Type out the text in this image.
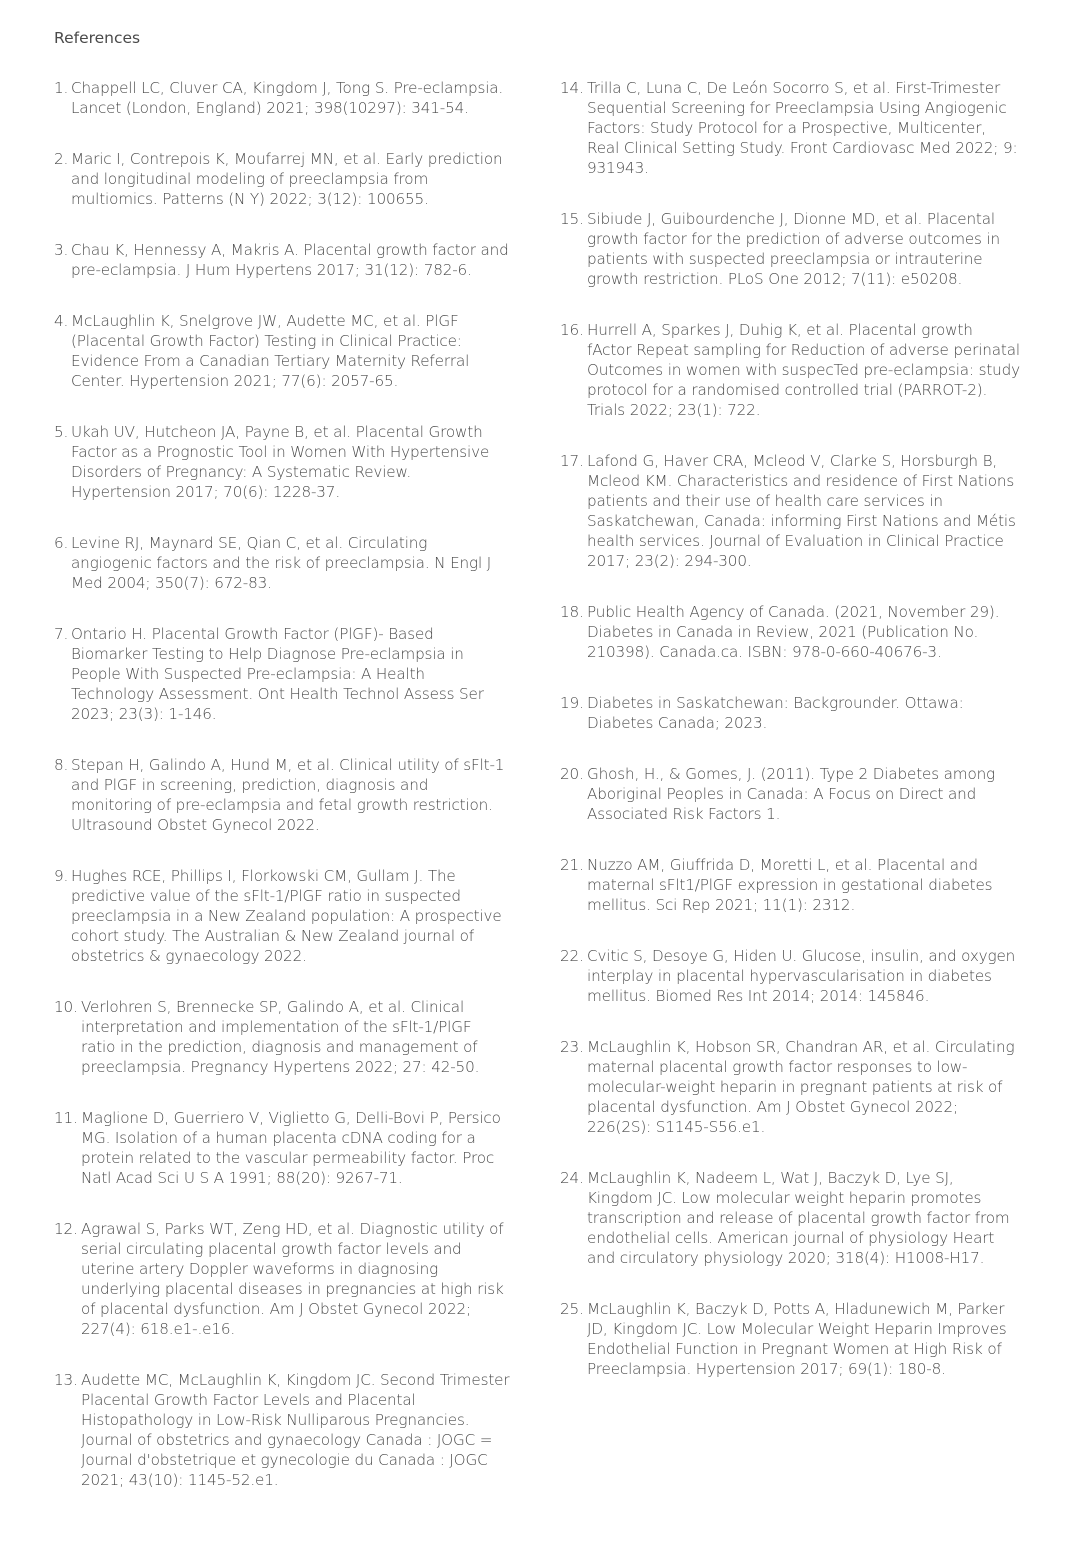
References
1. Chappell LC, Cluver CA, Kingdom J, Tong S. Pre-eclampsia. Lancet (London, England) 2021; 398(10297): 341-54.
2. Maric I, Contrepois K, Moufarrej MN, et al. Early prediction and longitudinal modeling of preeclampsia from multiomics. Patterns (N Y) 2022; 3(12): 100655.
3. Chau K, Hennessy A, Makris A. Placental growth factor and pre-eclampsia. J Hum Hypertens 2017; 31(12): 782-6.
4. McLaughlin K, Snelgrove JW, Audette MC, et al. PlGF (Placental Growth Factor) Testing in Clinical Practice: Evidence From a Canadian Tertiary Maternity Referral Center. Hypertension 2021; 77(6): 2057-65.
5. Ukah UV, Hutcheon JA, Payne B, et al. Placental Growth Factor as a Prognostic Tool in Women With Hypertensive Disorders of Pregnancy: A Systematic Review. Hypertension 2017; 70(6): 1228-37.
6. Levine RJ, Maynard SE, Qian C, et al. Circulating angiogenic factors and the risk of preeclampsia. N Engl J Med 2004; 350(7): 672-83.
7. Ontario H. Placental Growth Factor (PlGF)- Based Biomarker Testing to Help Diagnose Pre-eclampsia in People With Suspected Pre-eclampsia: A Health Technology Assessment. Ont Health Technol Assess Ser 2023; 23(3): 1-146.
8. Stepan H, Galindo A, Hund M, et al. Clinical utility of sFlt-1 and PlGF in screening, prediction, diagnosis and monitoring of pre-eclampsia and fetal growth restriction. Ultrasound Obstet Gynecol 2022.
9. Hughes RCE, Phillips I, Florkowski CM, Gullam J. The predictive value of the sFlt-1/PlGF ratio in suspected preeclampsia in a New Zealand population: A prospective cohort study. The Australian & New Zealand journal of obstetrics & gynaecology 2022.
10. Verlohren S, Brennecke SP, Galindo A, et al. Clinical interpretation and implementation of the sFlt-1/PlGF ratio in the prediction, diagnosis and management of preeclampsia. Pregnancy Hypertens 2022; 27: 42-50.
11. Maglione D, Guerriero V, Viglietto G, Delli-Bovi P, Persico MG. Isolation of a human placenta cDNA coding for a protein related to the vascular permeability factor. Proc Natl Acad Sci U S A 1991; 88(20): 9267-71.
12. Agrawal S, Parks WT, Zeng HD, et al. Diagnostic utility of serial circulating placental growth factor levels and uterine artery Doppler waveforms in diagnosing underlying placental diseases in pregnancies at high risk of placental dysfunction. Am J Obstet Gynecol 2022; 227(4): 618.e1-.e16.
13. Audette MC, McLaughlin K, Kingdom JC. Second Trimester Placental Growth Factor Levels and Placental Histopathology in Low-Risk Nulliparous Pregnancies. Journal of obstetrics and gynaecology Canada : JOGC = Journal d'obstetrique et gynecologie du Canada : JOGC 2021; 43(10): 1145-52.e1.
14. Trilla C, Luna C, De León Socorro S, et al. First-Trimester Sequential Screening for Preeclampsia Using Angiogenic Factors: Study Protocol for a Prospective, Multicenter, Real Clinical Setting Study. Front Cardiovasc Med 2022; 9: 931943.
15. Sibiude J, Guibourdenche J, Dionne MD, et al. Placental growth factor for the prediction of adverse outcomes in patients with suspected preeclampsia or intrauterine growth restriction. PLoS One 2012; 7(11): e50208.
16. Hurrell A, Sparkes J, Duhig K, et al. Placental growth fActor Repeat sampling for Reduction of adverse perinatal Outcomes in women with suspecTed pre-eclampsia: study protocol for a randomised controlled trial (PARROT-2). Trials 2022; 23(1): 722.
17. Lafond G, Haver CRA, Mcleod V, Clarke S, Horsburgh B, Mcleod KM. Characteristics and residence of First Nations patients and their use of health care services in Saskatchewan, Canada: informing First Nations and Métis health services. Journal of Evaluation in Clinical Practice 2017; 23(2): 294-300.
18. Public Health Agency of Canada. (2021, November 29). Diabetes in Canada in Review, 2021 (Publication No. 210398). Canada.ca. ISBN: 978-0-660-40676-3.
19. Diabetes in Saskatchewan: Backgrounder. Ottawa: Diabetes Canada; 2023.
20. Ghosh, H., & Gomes, J. (2011). Type 2 Diabetes among Aboriginal Peoples in Canada: A Focus on Direct and Associated Risk Factors 1.
21. Nuzzo AM, Giuffrida D, Moretti L, et al. Placental and maternal sFlt1/PlGF expression in gestational diabetes mellitus. Sci Rep 2021; 11(1): 2312.
22. Cvitic S, Desoye G, Hiden U. Glucose, insulin, and oxygen interplay in placental hypervascularisation in diabetes mellitus. Biomed Res Int 2014; 2014: 145846.
23. McLaughlin K, Hobson SR, Chandran AR, et al. Circulating maternal placental growth factor responses to low-molecular-weight heparin in pregnant patients at risk of placental dysfunction. Am J Obstet Gynecol 2022; 226(2S): S1145-S56.e1.
24. McLaughlin K, Nadeem L, Wat J, Baczyk D, Lye SJ, Kingdom JC. Low molecular weight heparin promotes transcription and release of placental growth factor from endothelial cells. American journal of physiology Heart and circulatory physiology 2020; 318(4): H1008-H17.
25. McLaughlin K, Baczyk D, Potts A, Hladunewich M, Parker JD, Kingdom JC. Low Molecular Weight Heparin Improves Endothelial Function in Pregnant Women at High Risk of Preeclampsia. Hypertension 2017; 69(1): 180-8.
